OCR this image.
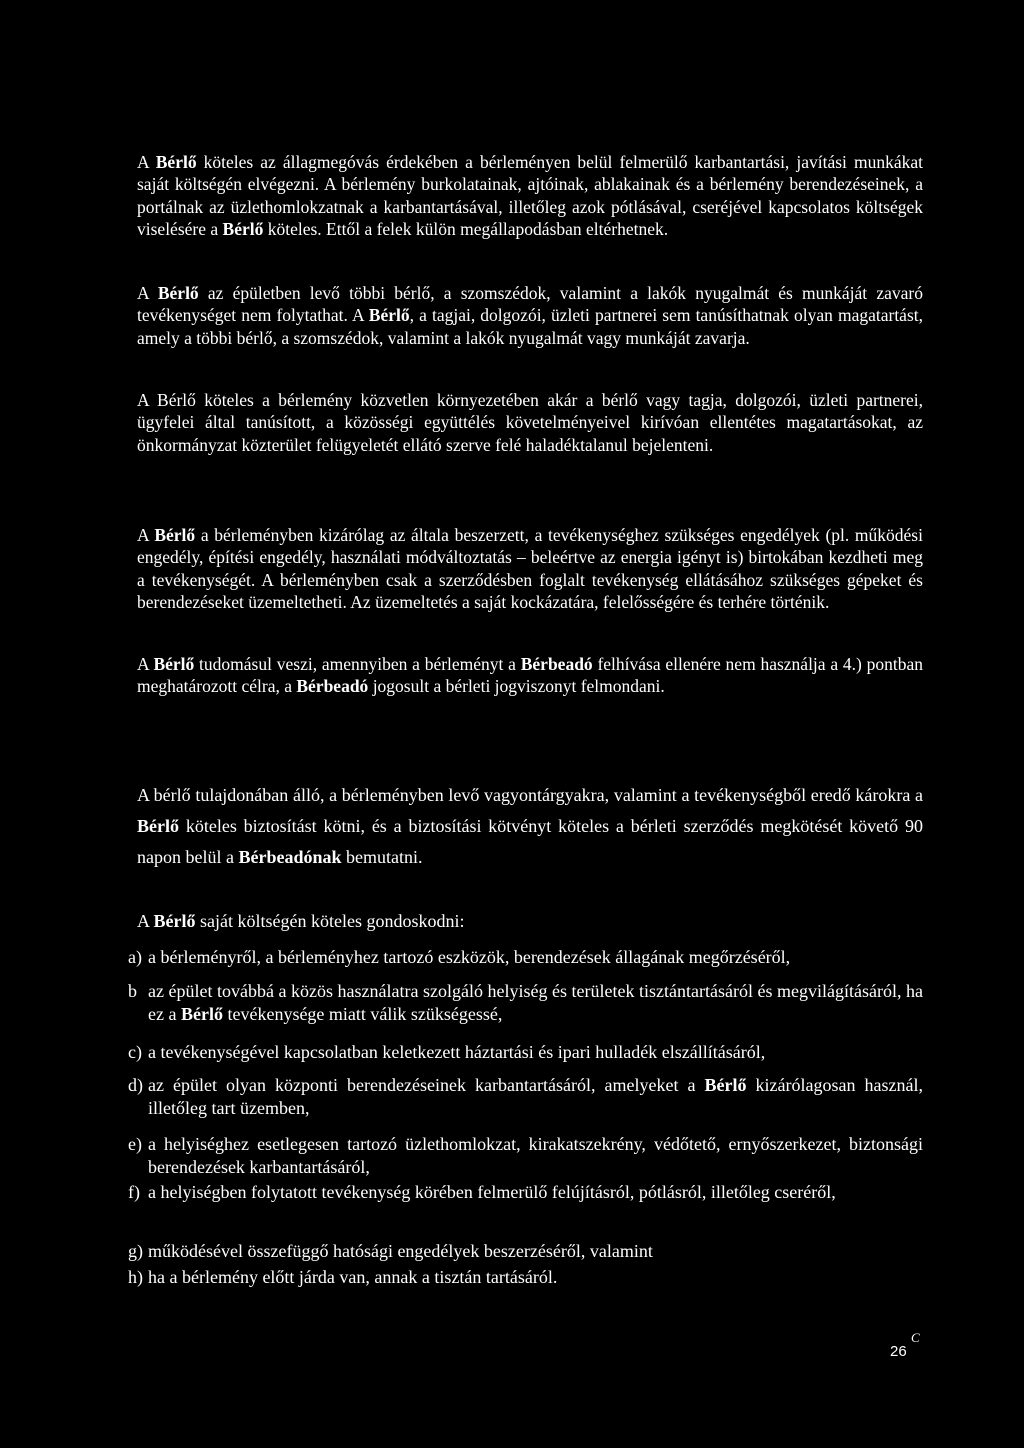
A Bérlő köteles az állagmegóvás érdekében a bérleményen belül felmerülő karbantartási, javítási munkákat saját költségén elvégezni. A bérlemény burkolatainak, ajtóinak, ablakainak és a bérlemény berendezéseinek, a portálnak az üzlethomlokzatnak a karbantartásával, illetőleg azok pótlásával, cseréjével kapcsolatos költségek viselésére a Bérlő köteles. Ettől a felek külön megállapodásban eltérhetnek.

A Bérlő az épületben levő többi bérlő, a szomszédok, valamint a lakók nyugalmát és munkáját zavaró tevékenységet nem folytathat. A Bérlő, a tagjai, dolgozói, üzleti partnerei sem tanúsíthatnak olyan magatartást, amely a többi bérlő, a szomszédok, valamint a lakók nyugalmát vagy munkáját zavarja.

A Bérlő köteles a bérlemény közvetlen környezetében akár a bérlő vagy tagja, dolgozói, üzleti partnerei, ügyfelei által tanúsított, a közösségi együttélés követelményeivel kirívóan ellentétes magatartásokat, az önkormányzat közterület felügyeletét ellátó szerve felé haladéktalanul bejelenteni.

A Bérlő a bérleményben kizárólag az általa beszerzett, a tevékenységhez szükséges engedélyek (pl. működési engedély, építési engedély, használati módváltoztatás – beleértve az energia igényt is) birtokában kezdheti meg a tevékenységét. A bérleményben csak a szerződésben foglalt tevékenység ellátásához szükséges gépeket és berendezéseket üzemeltetheti. Az üzemeltetés a saját kockázatára, felelősségére és terhére történik.

A Bérlő tudomásul veszi, amennyiben a bérleményt a Bérbeadó felhívása ellenére nem használja a 4.) pontban meghatározott célra, a Bérbeadó jogosult a bérleti jogviszonyt felmondani.

A bérlő tulajdonában álló, a bérleményben levő vagyontárgyakra, valamint a tevékenységből eredő károkra a Bérlő köteles biztosítást kötni, és a biztosítási kötvényt köteles a bérleti szerződés megkötését követő 90 napon belül a Bérbeadónak bemutatni.

A Bérlő saját költségén köteles gondoskodni:

a) a bérleményről, a bérleményhez tartozó eszközök, berendezések állagának megőrzéséről,
b az épület továbbá a közös használatra szolgáló helyiség és területek tisztántartásáról és megvilágításáról, ha ez a Bérlő tevékenysége miatt válik szükségessé,
c) a tevékenységével kapcsolatban keletkezett háztartási és ipari hulladék elszállításáról,
d) az épület olyan központi berendezéseinek karbantartásáról, amelyeket a Bérlő kizárólagosan használ, illetőleg tart üzemben,
e) a helyiséghez esetlegesen tartozó üzlethomlokzat, kirakatszekrény, védőtető, ernyőszerkezet, biztonsági berendezések karbantartásáról,
f) a helyiségben folytatott tevékenység körében felmerülő felújításról, pótlásról, illetőleg cseréről,
g) működésével összefüggő hatósági engedélyek beszerzéséről, valamint
h) ha a bérlemény előtt járda van, annak a tisztán tartásáról.
Ϲ
26
